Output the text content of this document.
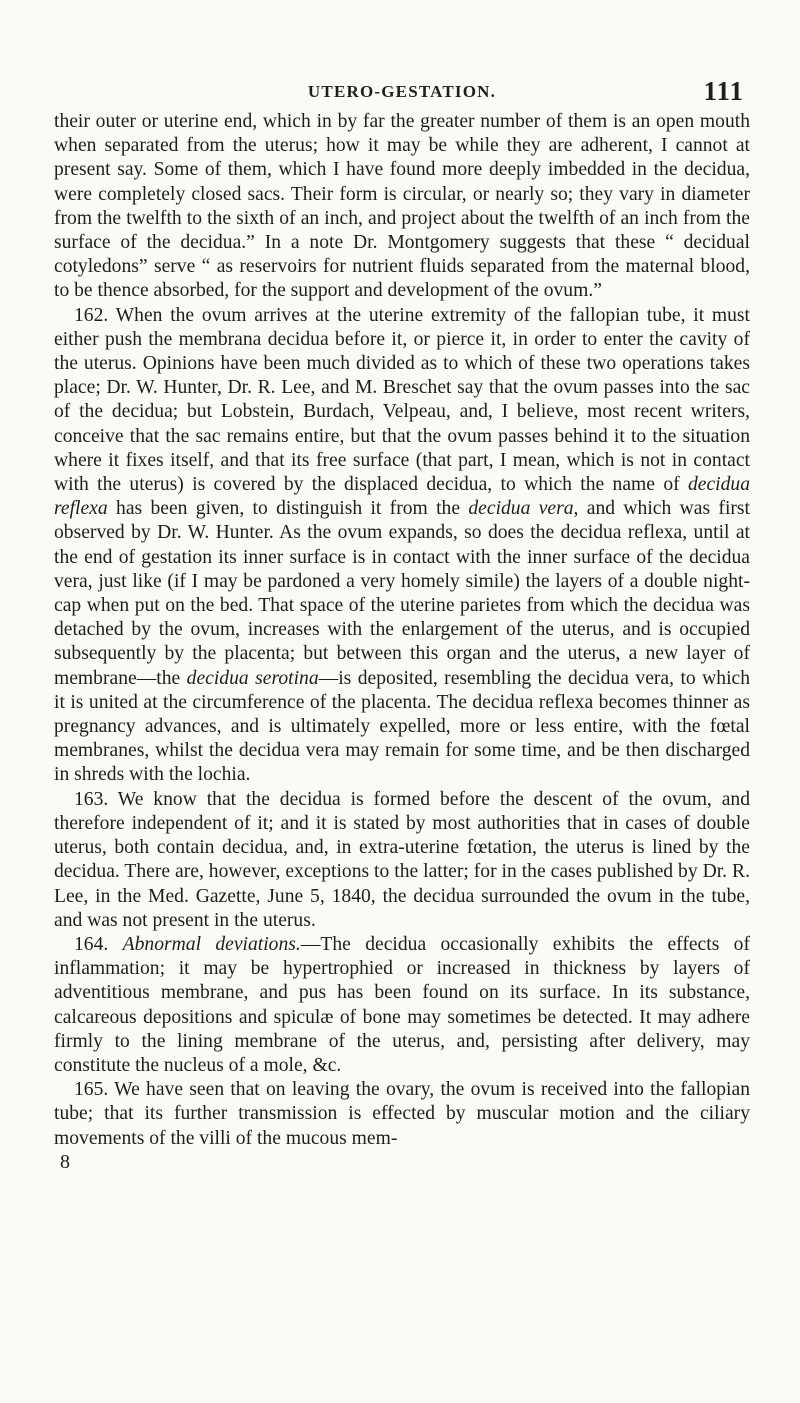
UTERO-GESTATION.	111

their outer or uterine end, which in by far the greater number of them is an open mouth when separated from the uterus; how it may be while they are adherent, I cannot at present say. Some of them, which I have found more deeply imbedded in the decidua, were completely closed sacs. Their form is circular, or nearly so; they vary in diameter from the twelfth to the sixth of an inch, and project about the twelfth of an inch from the surface of the decidua.” In a note Dr. Montgomery suggests that these “ decidual cotyledons” serve “ as reservoirs for nutrient fluids separated from the maternal blood, to be thence absorbed, for the support and development of the ovum.”

162. When the ovum arrives at the uterine extremity of the fallopian tube, it must either push the membrana decidua before it, or pierce it, in order to enter the cavity of the uterus. Opinions have been much divided as to which of these two operations takes place; Dr. W. Hunter, Dr. R. Lee, and M. Breschet say that the ovum passes into the sac of the decidua; but Lobstein, Burdach, Velpeau, and, I believe, most recent writers, conceive that the sac remains entire, but that the ovum passes behind it to the situation where it fixes itself, and that its free surface (that part, I mean, which is not in contact with the uterus) is covered by the displaced decidua, to which the name of decidua reflexa has been given, to distinguish it from the decidua vera, and which was first observed by Dr. W. Hunter. As the ovum expands, so does the decidua reflexa, until at the end of gestation its inner surface is in contact with the inner surface of the decidua vera, just like (if I may be pardoned a very homely simile) the layers of a double night-cap when put on the bed. That space of the uterine parietes from which the decidua was detached by the ovum, increases with the enlargement of the uterus, and is occupied subsequently by the placenta; but between this organ and the uterus, a new layer of membrane—the decidua serotina—is deposited, resembling the decidua vera, to which it is united at the circumference of the placenta. The decidua reflexa becomes thinner as pregnancy advances, and is ultimately expelled, more or less entire, with the fœtal membranes, whilst the decidua vera may remain for some time, and be then discharged in shreds with the lochia.

163. We know that the decidua is formed before the descent of the ovum, and therefore independent of it; and it is stated by most authorities that in cases of double uterus, both contain decidua, and, in extra-uterine fœtation, the uterus is lined by the decidua. There are, however, exceptions to the latter; for in the cases published by Dr. R. Lee, in the Med. Gazette, June 5, 1840, the decidua surrounded the ovum in the tube, and was not present in the uterus.

164. Abnormal deviations.—The decidua occasionally exhibits the effects of inflammation; it may be hypertrophied or increased in thickness by layers of adventitious membrane, and pus has been found on its surface. In its substance, calcareous depositions and spiculæ of bone may sometimes be detected. It may adhere firmly to the lining membrane of the uterus, and, persisting after delivery, may constitute the nucleus of a mole, &c.

165. We have seen that on leaving the ovary, the ovum is received into the fallopian tube; that its further transmission is effected by muscular motion and the ciliary movements of the villi of the mucous mem-

8
